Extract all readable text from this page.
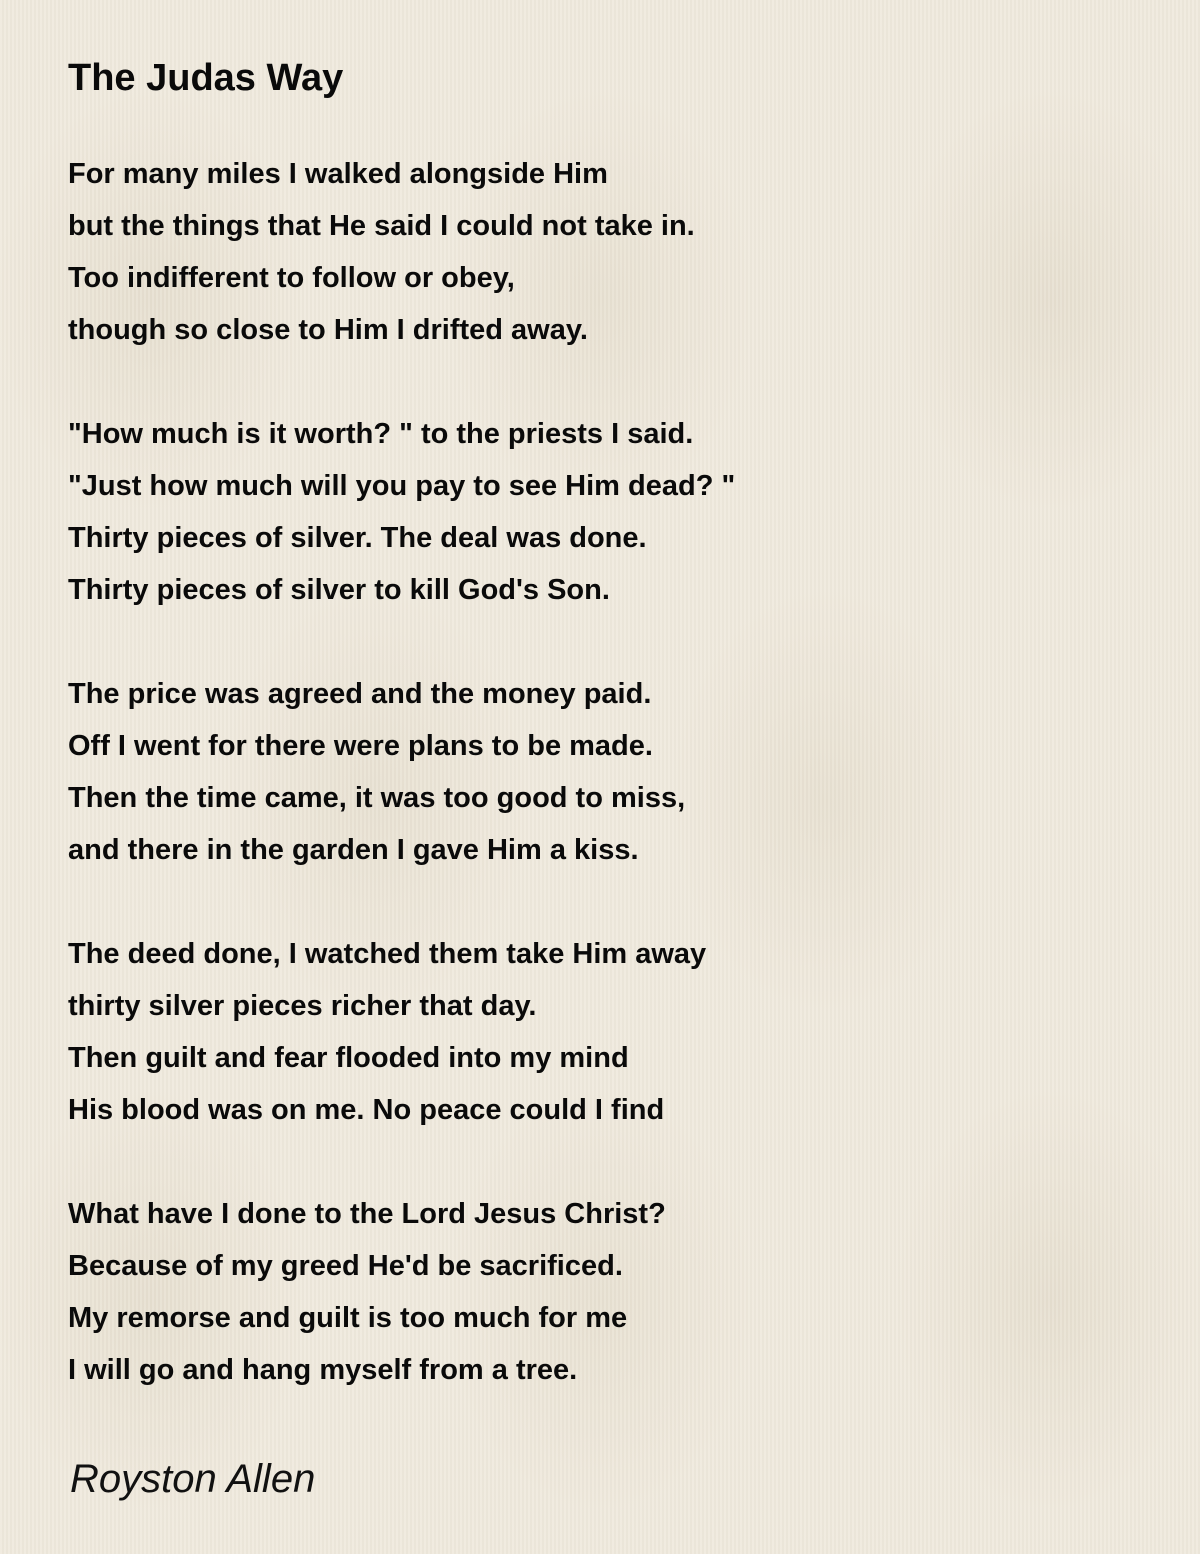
The Judas Way
For many miles I walked alongside Him
but the things that He said I could not take in.
Too indifferent to follow or obey,
though so close to Him I drifted away.
"How much is it worth? " to the priests I said.
"Just how much will you pay to see Him dead? "
Thirty pieces of silver. The deal was done.
Thirty pieces of silver to kill God's Son.
The price was agreed and the money paid.
Off I went for there were plans to be made.
Then the time came, it was too good to miss,
and there in the garden I gave Him a kiss.
The deed done, I watched them take Him away
thirty silver pieces richer that day.
Then guilt and fear flooded into my mind
His blood was on me. No peace could I find
What have I done to the Lord Jesus Christ?
Because of my greed He'd be sacrificed.
My remorse and guilt is too much for me
I will go and hang myself from a tree.
Royston Allen
